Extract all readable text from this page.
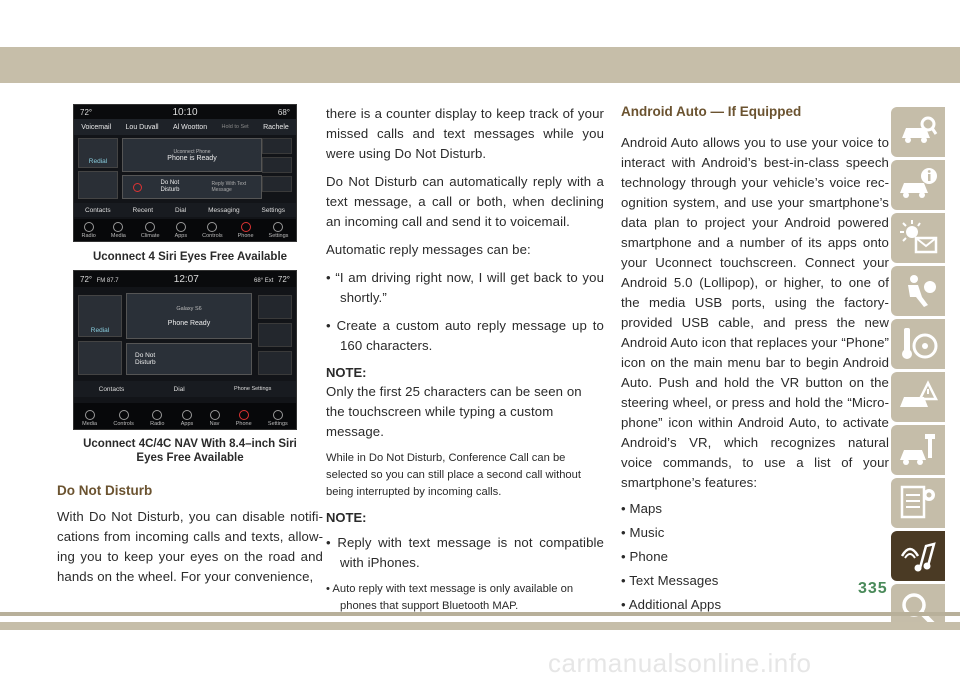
72°	10:10	68°
Voicemail Lou Duvall Al Wootton	Hold to Set Rachele
Redial
Uconnect Phone
Phone is Ready
Do Not Disturb
Reply With Text Message
Contacts	Recent	Dial	Messaging	Settings
Radio	Media	Climate	Apps	Controls	Phone	Settings
Uconnect 4 Siri Eyes Free Available
72° FM 87.7	12:07	68° Ext 72°
Redial
Galaxy S6
Phone Ready
Do Not Disturb
Contacts	Dial	Phone Settings
Media	Controls	Radio	Apps	Nav	Phone	Settings
Uconnect 4C/4C NAV With 8.4–inch Siri
Eyes Free Available
Do Not Disturb

With Do Not Disturb, you can disable notifications from incoming calls and texts, allowing you to keep your eyes on the road and hands on the wheel. For your convenience,

there is a counter display to keep track of your missed calls and text messages while you were using Do Not Disturb.

Do Not Disturb can automatically reply with a text message, a call or both, when declining an incoming call and send it to voicemail.

Automatic reply messages can be:

• “I am driving right now, I will get back to you shortly.”

• Create a custom auto reply message up to 160 characters.

NOTE:

Only the first 25 characters can be seen on the touchscreen while typing a custom message.

While in Do Not Disturb, Conference Call can be selected so you can still place a second call without being interrupted by incoming calls.

NOTE:

• Reply with text message is not compatible with iPhones.

• Auto reply with text message is only available on phones that support Bluetooth MAP.

Android Auto — If Equipped

Android Auto allows you to use your voice to interact with Android’s best-in-class speech technology through your vehicle’s voice recognition system, and use your smartphone’s data plan to project your Android powered smartphone and a number of its apps onto your Uconnect touchscreen. Connect your Android 5.0 (Lollipop), or higher, to one of the media USB ports, using the factory-provided USB cable, and press the new Android Auto icon that replaces your “Phone” icon on the main menu bar to begin Android Auto. Push and hold the VR button on the steering wheel, or press and hold the “Microphone” icon within Android Auto, to activate Android’s VR, which recognizes natural voice commands, to use a list of your smartphone’s features:

• Maps

• Music

• Phone

• Text Messages

• Additional Apps

335
carmanualsonline.info
